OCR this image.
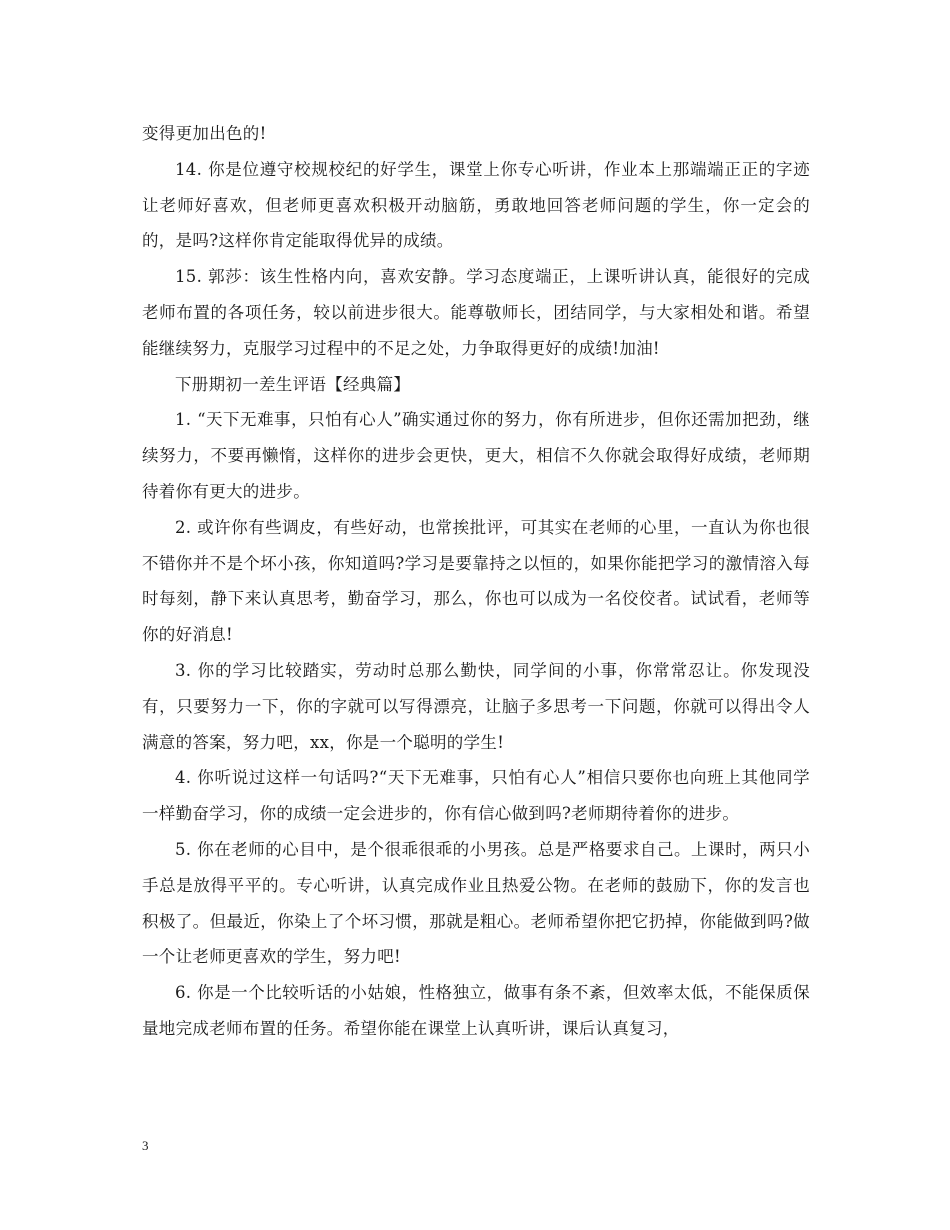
变得更加出色的!

14. 你是位遵守校规校纪的好学生，课堂上你专心听讲，作业本上那端端正正的字迹让老师好喜欢，但老师更喜欢积极开动脑筋，勇敢地回答老师问题的学生，你一定会的的，是吗?这样你肯定能取得优异的成绩。

15. 郭莎：该生性格内向，喜欢安静。学习态度端正，上课听讲认真，能很好的完成老师布置的各项任务，较以前进步很大。能尊敬师长，团结同学，与大家相处和谐。希望能继续努力，克服学习过程中的不足之处，力争取得更好的成绩!加油!

下册期初一差生评语【经典篇】

1. “天下无难事，只怕有心人”确实通过你的努力，你有所进步，但你还需加把劲，继续努力，不要再懒惰，这样你的进步会更快，更大，相信不久你就会取得好成绩，老师期待着你有更大的进步。

2. 或许你有些调皮，有些好动，也常挨批评，可其实在老师的心里，一直认为你也很不错你并不是个坏小孩，你知道吗?学习是要靠持之以恒的，如果你能把学习的激情溶入每时每刻，静下来认真思考，勤奋学习，那么，你也可以成为一名佼佼者。试试看，老师等你的好消息!

3. 你的学习比较踏实，劳动时总那么勤快，同学间的小事，你常常忍让。你发现没有，只要努力一下，你的字就可以写得漂亮，让脑子多思考一下问题，你就可以得出令人满意的答案，努力吧，xx，你是一个聪明的学生!

4. 你听说过这样一句话吗?“天下无难事，只怕有心人”相信只要你也向班上其他同学一样勤奋学习，你的成绩一定会进步的，你有信心做到吗?老师期待着你的进步。

5. 你在老师的心目中，是个很乖很乖的小男孩。总是严格要求自己。上课时，两只小手总是放得平平的。专心听讲，认真完成作业且热爱公物。在老师的鼓励下，你的发言也积极了。但最近，你染上了个坏习惯，那就是粗心。老师希望你把它扔掉，你能做到吗?做一个让老师更喜欢的学生，努力吧!

6. 你是一个比较听话的小姑娘，性格独立，做事有条不紊，但效率太低，不能保质保量地完成老师布置的任务。希望你能在课堂上认真听讲，课后认真复习，

3
